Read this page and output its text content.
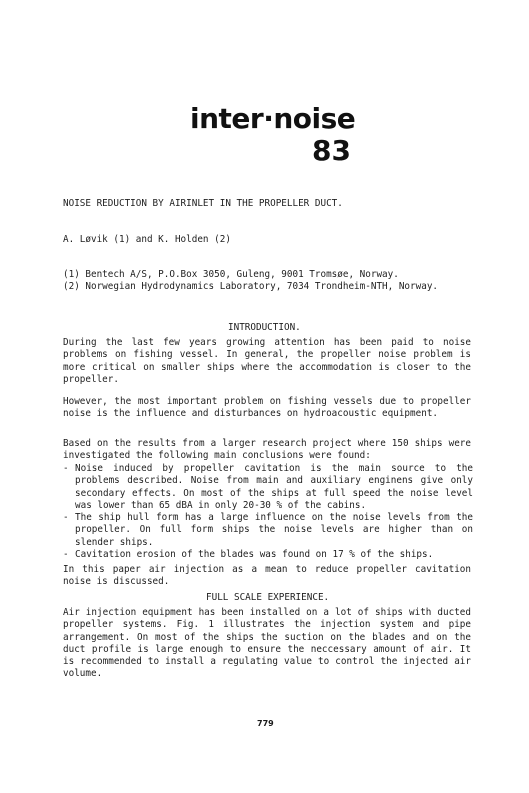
inter·noise
83
NOISE REDUCTION BY AIRINLET IN THE PROPELLER DUCT.
A. Løvik (1) and K. Holden (2)
(1) Bentech A/S, P.O.Box 3050, Guleng, 9001 Tromsøe, Norway.
(2) Norwegian Hydrodynamics Laboratory, 7034 Trondheim-NTH, Norway.
INTRODUCTION.
During the last few years growing attention has been paid to noise problems on fishing vessel. In general, the propeller noise problem is more critical on smaller ships where the accommodation is closer to the propeller.
However, the most important problem on fishing vessels due to propeller noise is the influence and disturbances on hydroacoustic equipment.
Based on the results from a larger research project where 150 ships were investigated the following main conclusions were found:
- Noise induced by propeller cavitation is the main source to the problems described. Noise from main and auxiliary enginens give only secondary effects. On most of the ships at full speed the noise level was lower than 65 dBA in only 20-30 % of the cabins.
- The ship hull form has a large influence on the noise levels from the propeller. On full form ships the noise levels are higher than on slender ships.
- Cavitation erosion of the blades was found on 17 % of the ships.
In this paper air injection as a mean to reduce propeller cavitation noise is discussed.
FULL SCALE EXPERIENCE.
Air injection equipment has been installed on a lot of ships with ducted propeller systems. Fig. 1 illustrates the injection system and pipe arrangement. On most of the ships the suction on the blades and on the duct profile is large enough to ensure the neccessary amount of air. It is recommended to install a regulating value to control the injected air volume.
779
